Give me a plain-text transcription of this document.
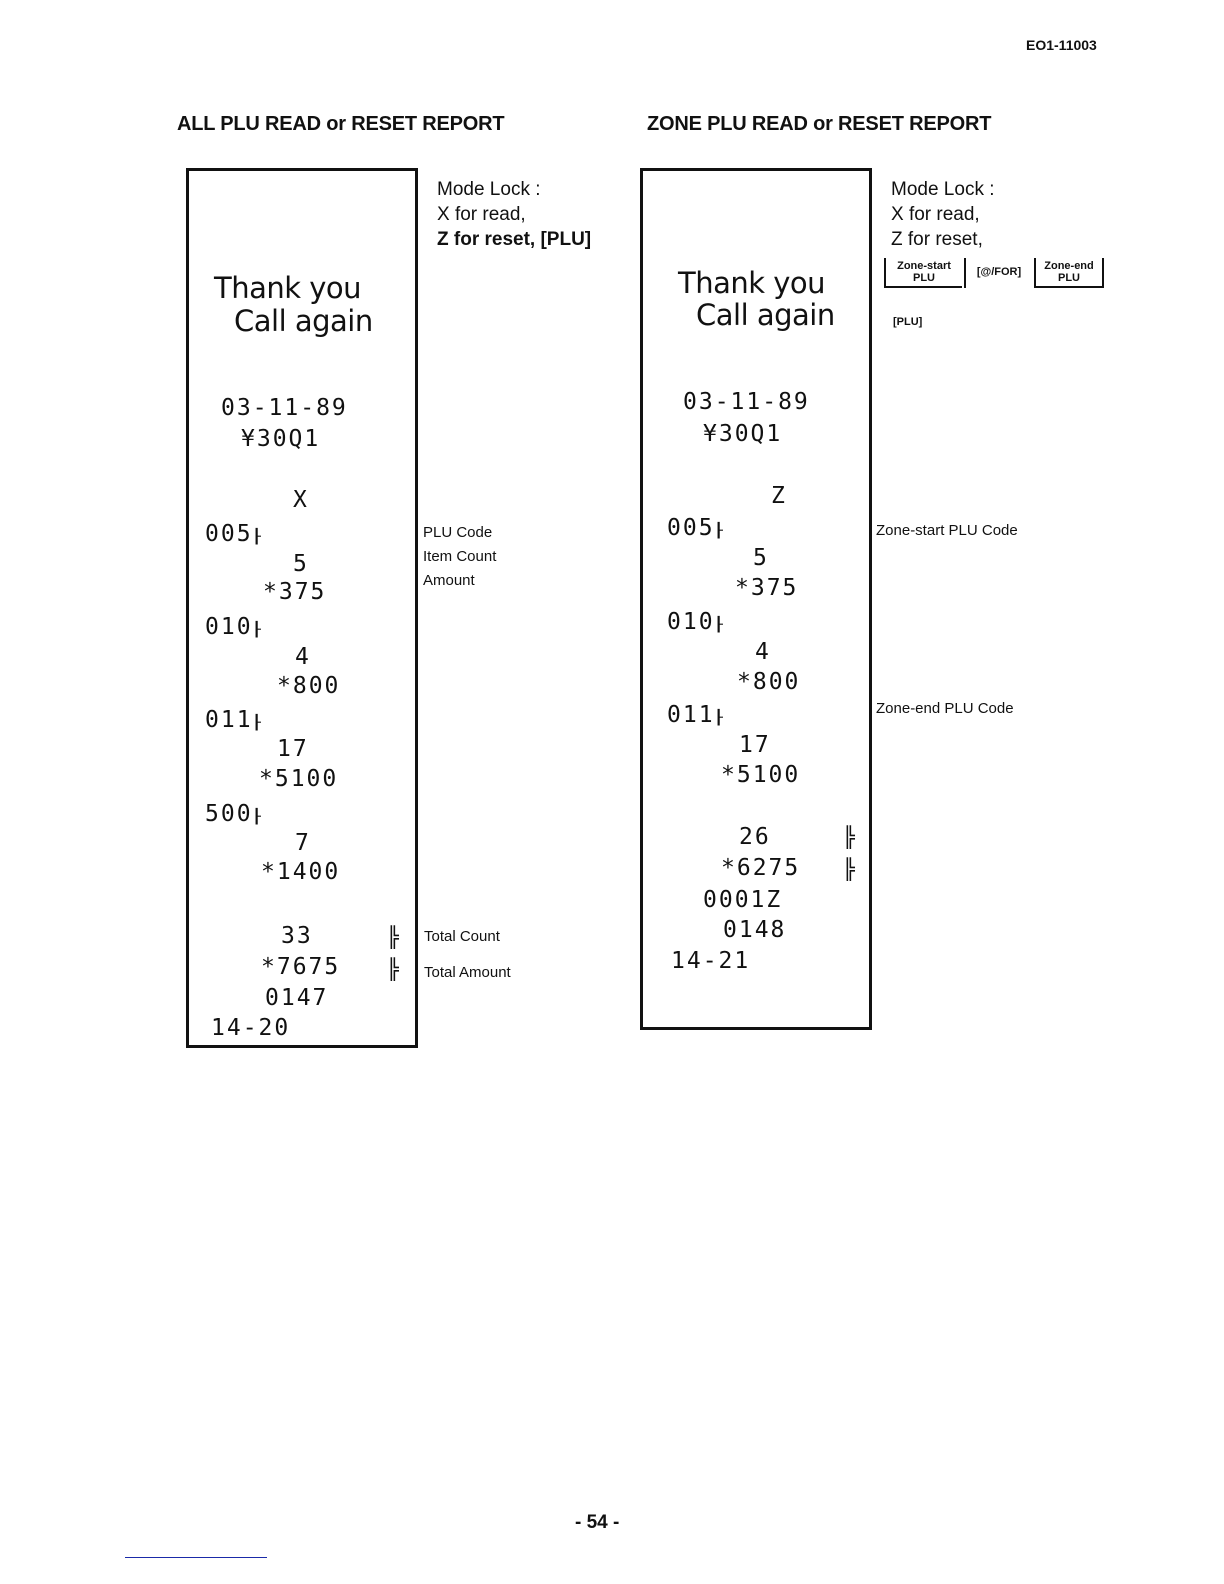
EO1-11003
ALL PLU READ or RESET REPORT
Thank you
Call again
03-11-89
¥30Q1
X
005┠
5
*375
010┠
4
*800
011┠
17
*5100
500┠
7
*1400
33	╠
*7675 ╠
0147
14-20
Mode Lock :
X for read,
Z for reset, [PLU]
PLU Code
Item Count
Amount
Total Count
Total Amount
ZONE PLU READ or RESET REPORT
Thank you
Call again
03-11-89
¥30Q1
Z
005┠
5
*375
010┠
4
*800
011┠
17
*5100
26	╠
*6275 ╠
0001Z
0148
14-21
Mode Lock :
X for read,
Z for reset,
Zone-start
PLU	[@/FOR]	Zone-end
PLU
[PLU]
Zone-start PLU Code
Zone-end PLU Code
- 54 -
